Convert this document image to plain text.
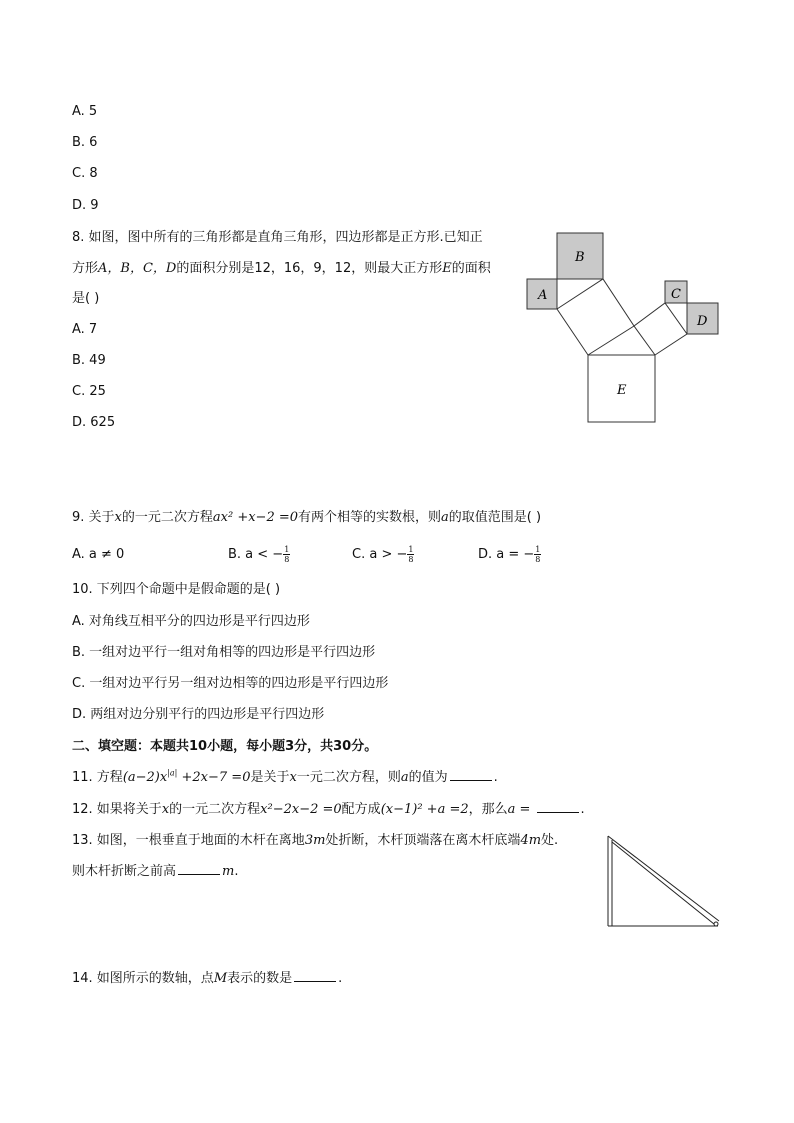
A. 5
B. 6
C. 8
D. 9
8. 如图，图中所有的三角形都是直角三角形，四边形都是正方形.已知正
方形A，B，C，D的面积分别是12，16，9，12，则最大正方形E的面积
是( )
A. 7
B. 49
C. 25
D. 625
B
A	C
D
E
9. 关于x的一元二次方程ax² +x−2 =0有两个相等的实数根，则a的取值范围是( )
A. a ≠ 0	B. a < − $\frac{1}{8}$	C. a > − $\frac{1}{8}$	D. a = − $\frac{1}{8}$
10. 下列四个命题中是假命题的是( )
A. 对角线互相平分的四边形是平行四边形
B. 一组对边平行一组对角相等的四边形是平行四边形
C. 一组对边平行另一组对边相等的四边形是平行四边形
D. 两组对边分别平行的四边形是平行四边形
二、填空题：本题共10小题，每小题3分，共30分。
11. 方程$(a-2)x^{|a|} +2x-7 =0$是关于x一元二次方程，则a的值为	.
12. 如果将关于x的一元二次方程x²−2x−2 =0配方成(x−1)² +a =2，那么a =	.
13. 如图，一根垂直于地面的木杆在离地3m处折断，木杆顶端落在离木杆底端4m处.
则木杆折断之前高	m.
14. 如图所示的数轴，点M表示的数是	.
